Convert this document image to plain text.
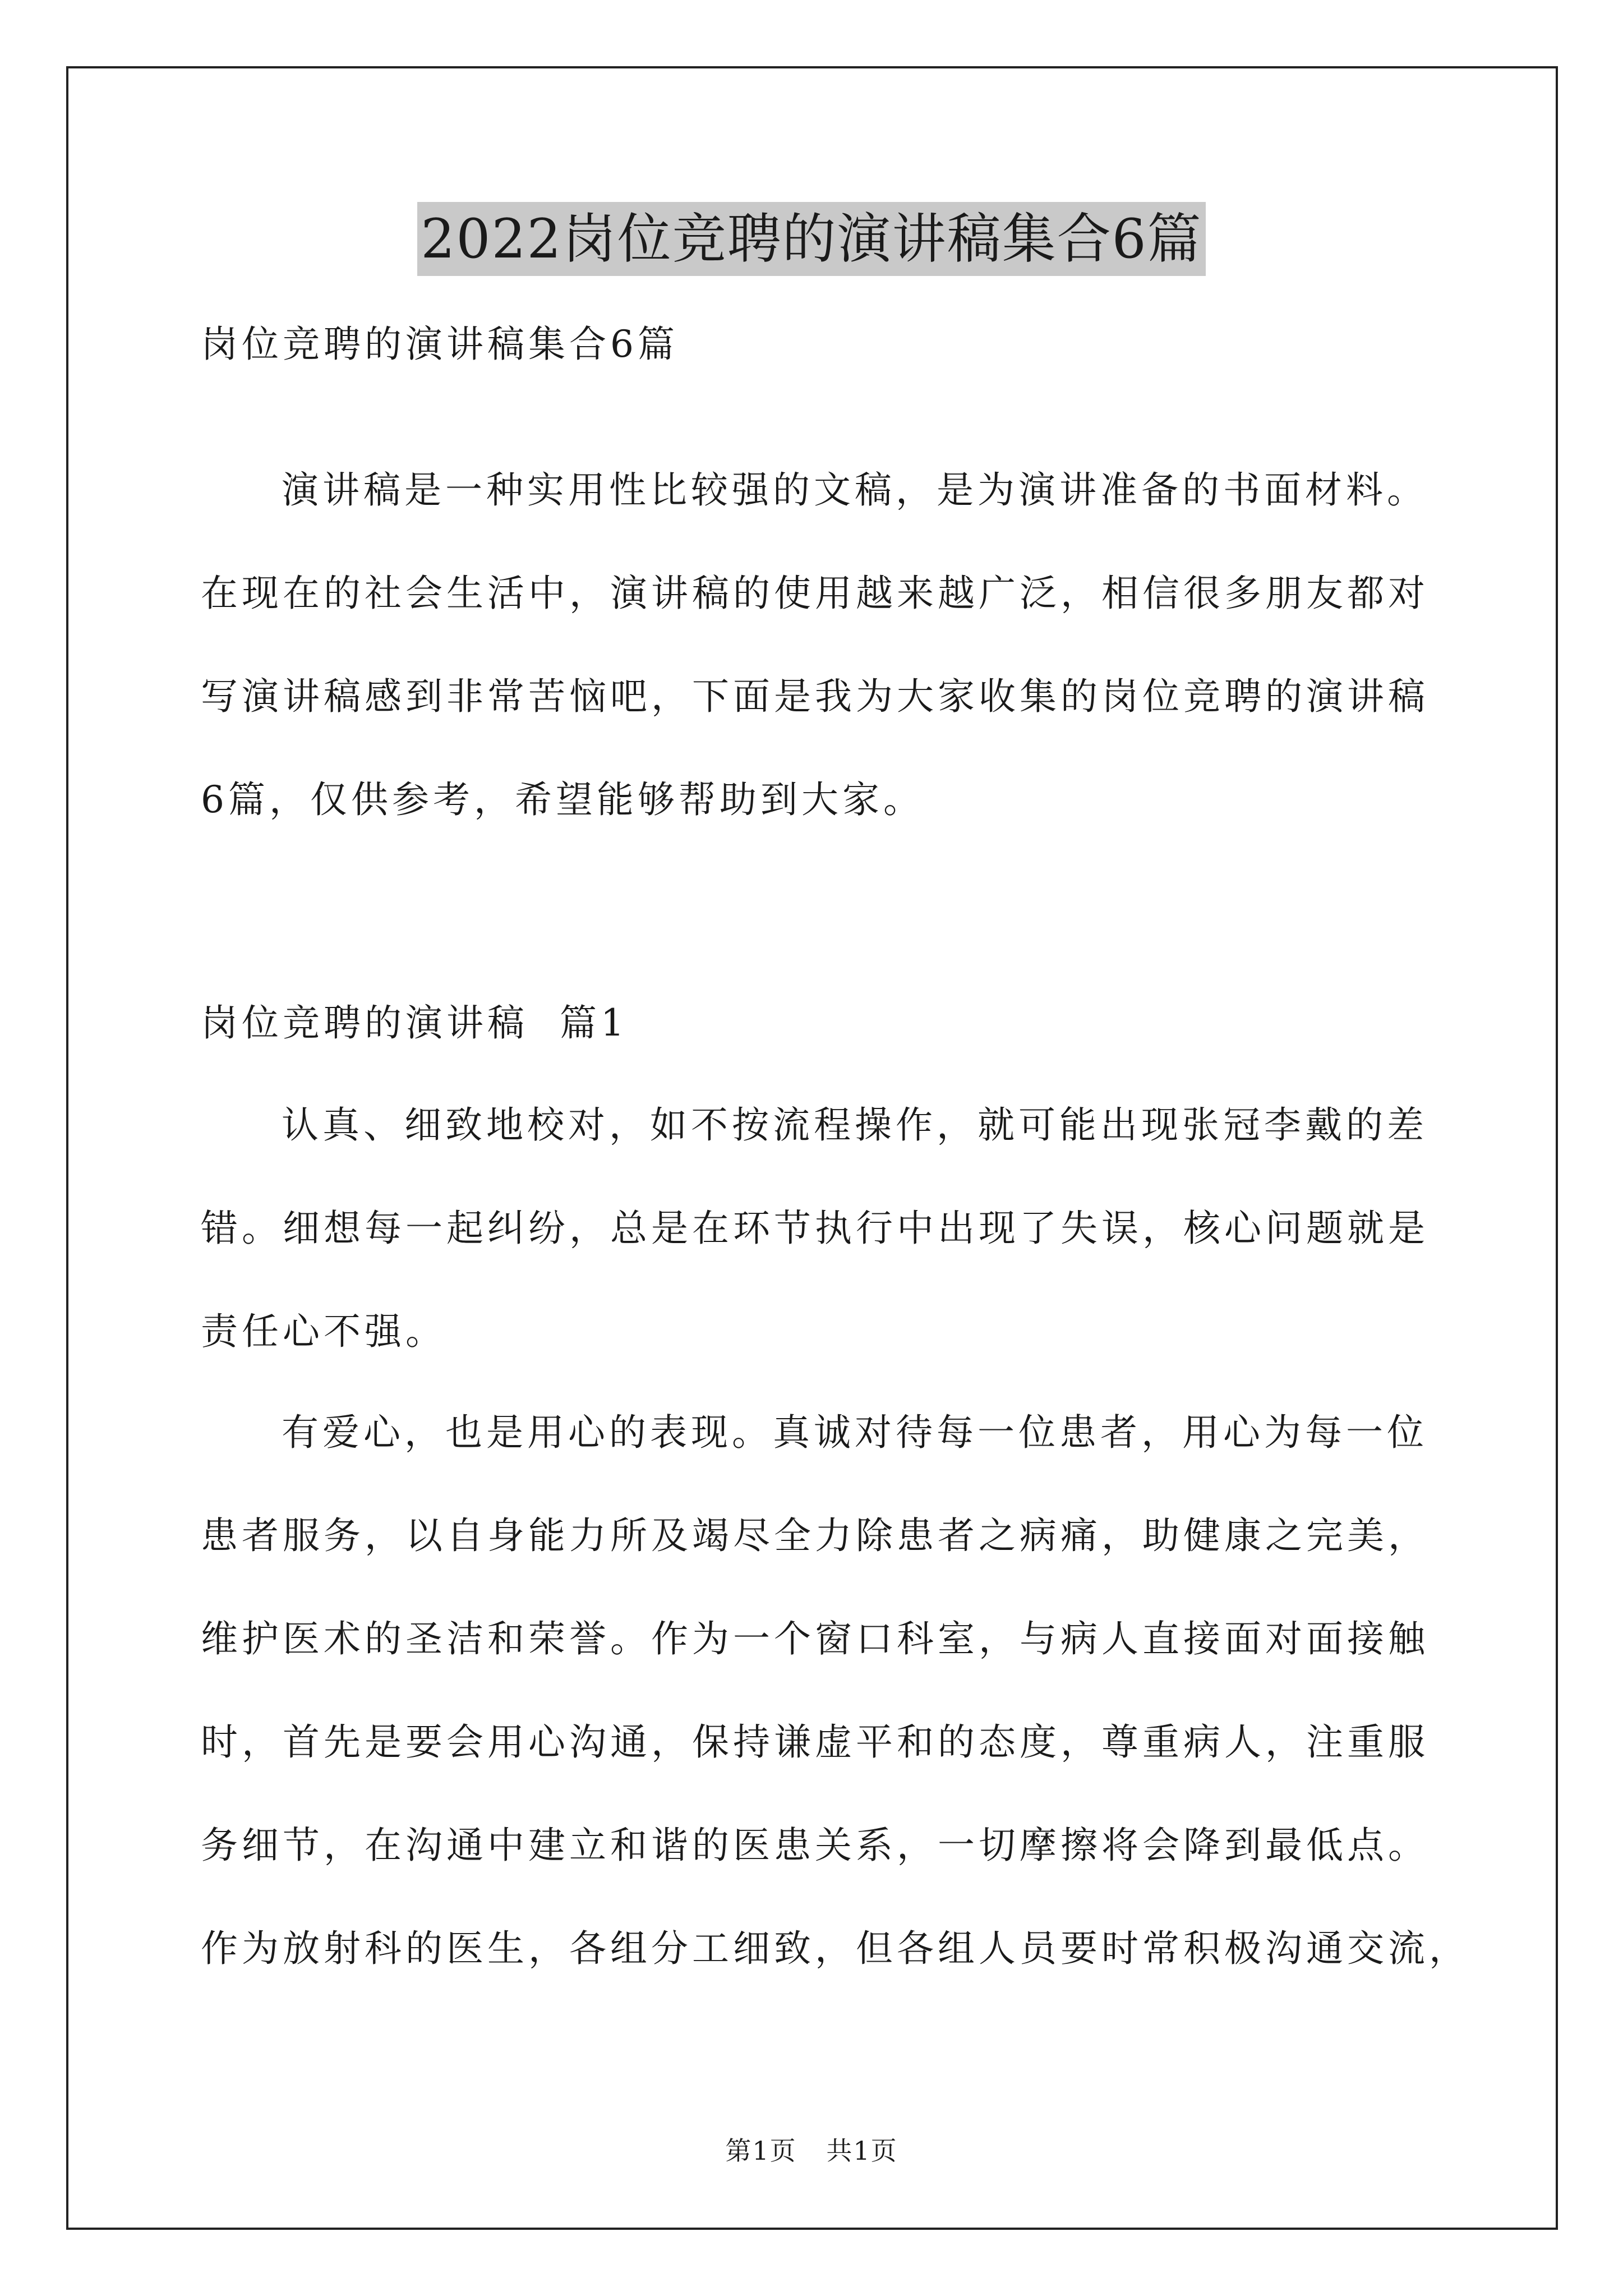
2022岗位竞聘的演讲稿集合6篇
岗位竞聘的演讲稿集合6篇
演讲稿是一种实用性比较强的文稿，是为演讲准备的书面材料。
在现在的社会生活中，演讲稿的使用越来越广泛，相信很多朋友都对
写演讲稿感到非常苦恼吧，下面是我为大家收集的岗位竞聘的演讲稿
6篇，仅供参考，希望能够帮助到大家。
岗位竞聘的演讲稿  篇1
认真、细致地校对，如不按流程操作，就可能出现张冠李戴的差
错。细想每一起纠纷，总是在环节执行中出现了失误，核心问题就是
责任心不强。
有爱心，也是用心的表现。真诚对待每一位患者，用心为每一位
患者服务，以自身能力所及竭尽全力除患者之病痛，助健康之完美，
维护医术的圣洁和荣誉。作为一个窗口科室，与病人直接面对面接触
时，首先是要会用心沟通，保持谦虚平和的态度，尊重病人，注重服
务细节，在沟通中建立和谐的医患关系，一切摩擦将会降到最低点。
作为放射科的医生，各组分工细致，但各组人员要时常积极沟通交流，
第1页 共1页
